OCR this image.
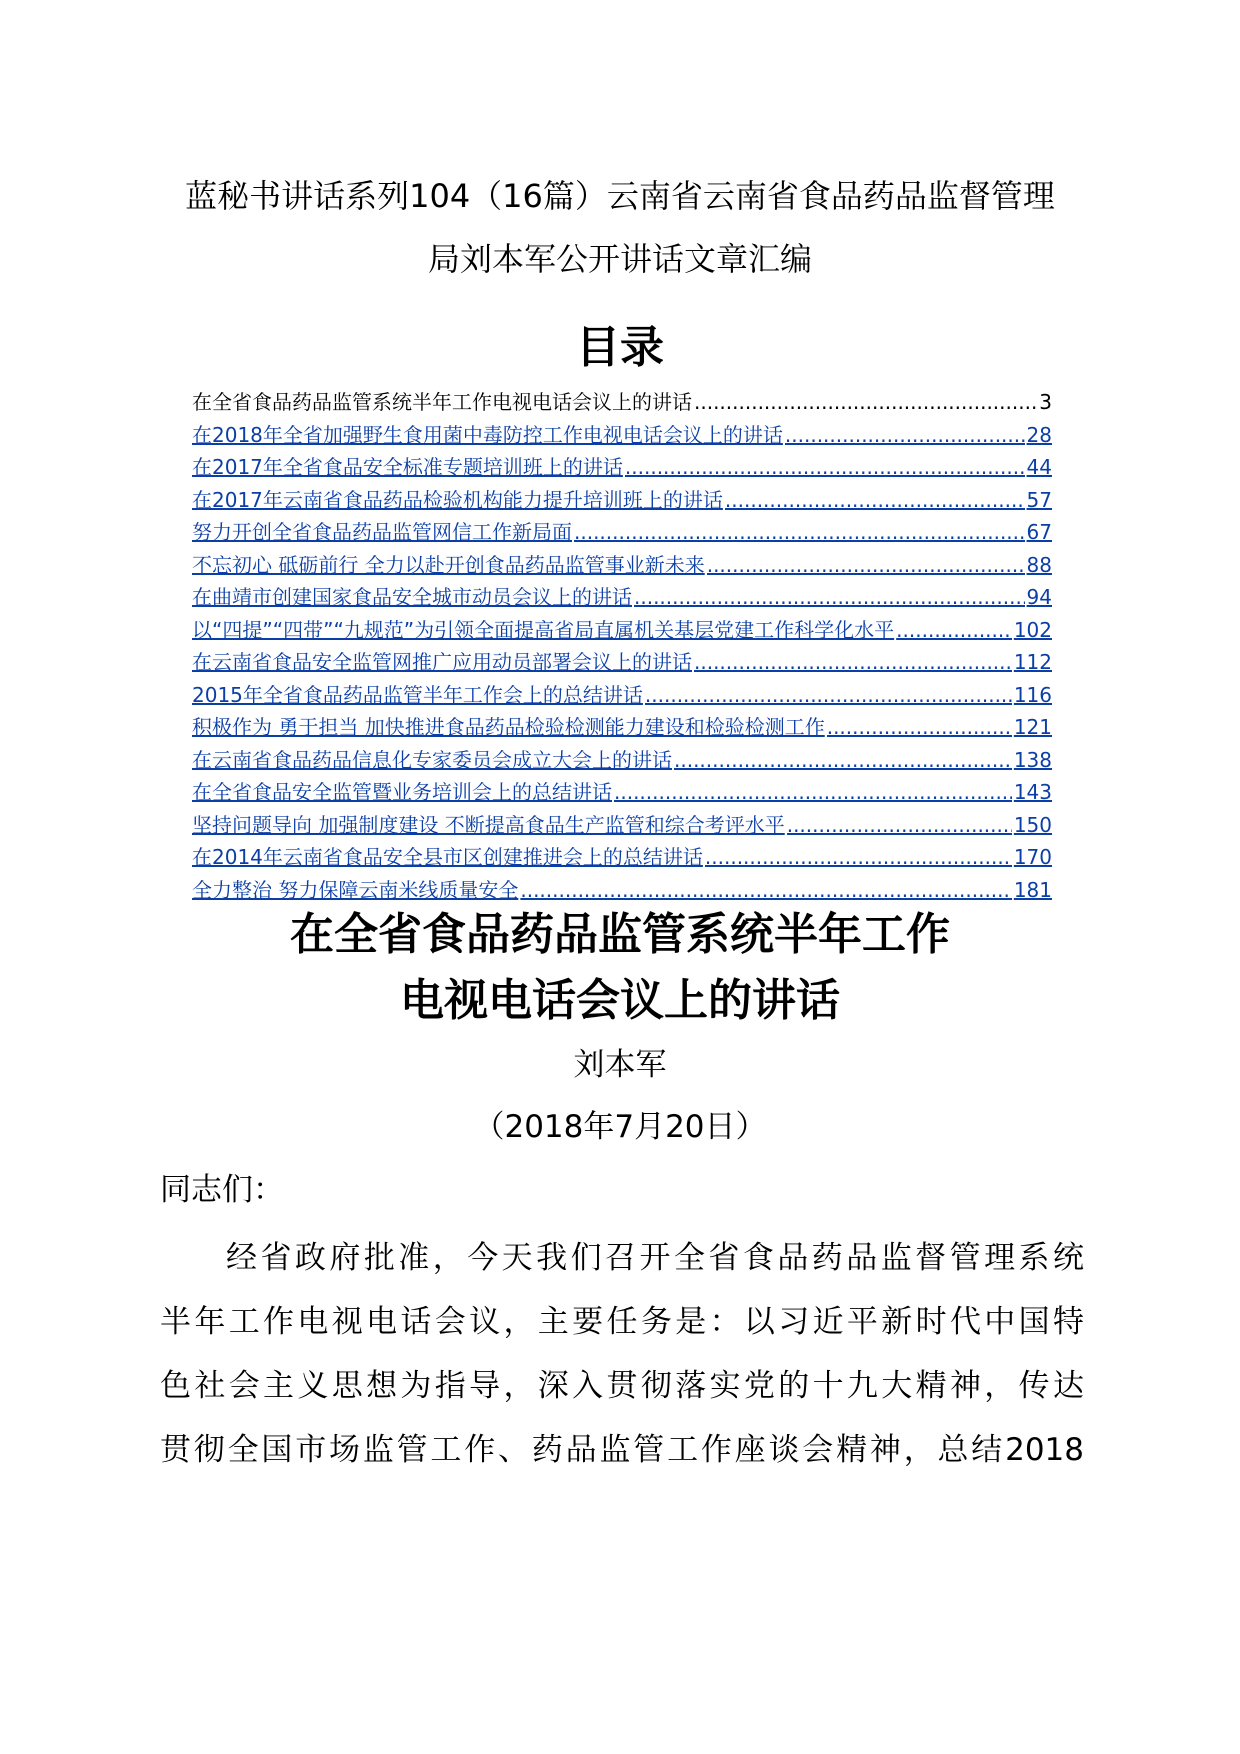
蓝秘书讲话系列104（16篇）云南省云南省食品药品监督管理
局刘本军公开讲话文章汇编
目录
在全省食品药品监管系统半年工作电视电话会议上的讲话 .....	3
在2018年全省加强野生食用菌中毒防控工作电视电话会议上的讲话 .....	28
在2017年全省食品安全标准专题培训班上的讲话 .....	44
在2017年云南省食品药品检验机构能力提升培训班上的讲话 .....	57
努力开创全省食品药品监管网信工作新局面 .....	67
不忘初心 砥砺前行 全力以赴开创食品药品监管事业新未来 .....	88
在曲靖市创建国家食品安全城市动员会议上的讲话 .....	94
以“四提”“四带”“九规范”为引领全面提高省局直属机关基层党建工作科学化水平 .....	102
在云南省食品安全监管网推广应用动员部署会议上的讲话 .....	112
2015年全省食品药品监管半年工作会上的总结讲话 .....	116
积极作为 勇于担当 加快推进食品药品检验检测能力建设和检验检测工作 .....	121
在云南省食品药品信息化专家委员会成立大会上的讲话 .....	138
在全省食品安全监管暨业务培训会上的总结讲话 .....	143
坚持问题导向 加强制度建设 不断提高食品生产监管和综合考评水平 .....	150
在2014年云南省食品安全县市区创建推进会上的总结讲话 .....	170
全力整治 努力保障云南米线质量安全 .....	181
在全省食品药品监管系统半年工作
电视电话会议上的讲话
刘本军
（2018年7月20日）
同志们：
经省政府批准，今天我们召开全省食品药品监督管理系统
半年工作电视电话会议，主要任务是：以习近平新时代中国特
色社会主义思想为指导，深入贯彻落实党的十九大精神，传达
贯彻全国市场监管工作、药品监管工作座谈会精神，总结2018
